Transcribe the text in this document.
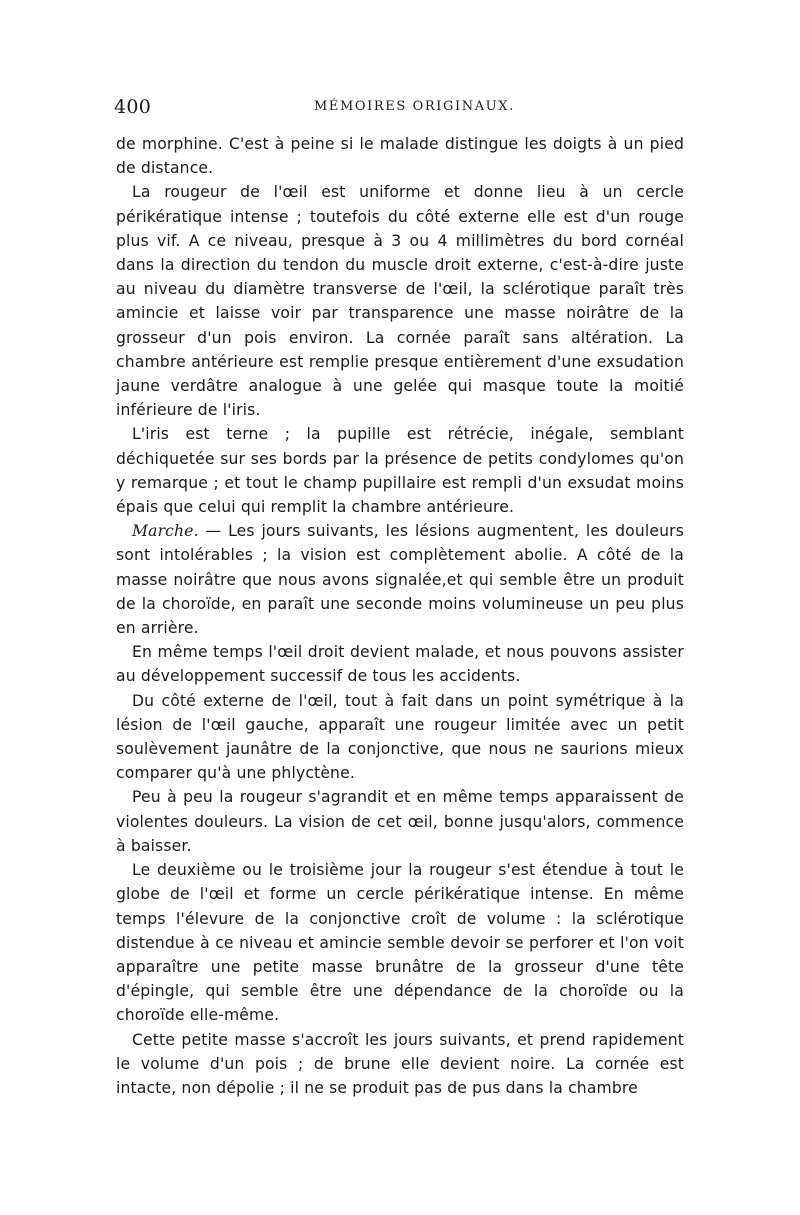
400	MÉMOIRES ORIGINAUX.

de morphine. C'est à peine si le malade distingue les doigts à un pied de distance.

La rougeur de l'œil est uniforme et donne lieu à un cercle périkératique intense ; toutefois du côté externe elle est d'un rouge plus vif. A ce niveau, presque à 3 ou 4 millimètres du bord cornéal dans la direction du tendon du muscle droit externe, c'est-à-dire juste au niveau du diamètre transverse de l'œil, la sclérotique paraît très amincie et laisse voir par transparence une masse noirâtre de la grosseur d'un pois environ. La cornée paraît sans altération. La chambre antérieure est remplie presque entièrement d'une exsudation jaune verdâtre analogue à une gelée qui masque toute la moitié inférieure de l'iris.

L'iris est terne ; la pupille est rétrécie, inégale, semblant déchiquetée sur ses bords par la présence de petits condylomes qu'on y remarque ; et tout le champ pupillaire est rempli d'un exsudat moins épais que celui qui remplit la chambre antérieure.

Marche. — Les jours suivants, les lésions augmentent, les douleurs sont intolérables ; la vision est complètement abolie. A côté de la masse noirâtre que nous avons signalée,et qui semble être un produit de la choroïde, en paraît une seconde moins volumineuse un peu plus en arrière.

En même temps l'œil droit devient malade, et nous pouvons assister au développement successif de tous les accidents.

Du côté externe de l'œil, tout à fait dans un point symétrique à la lésion de l'œil gauche, apparaît une rougeur limitée avec un petit soulèvement jaunâtre de la conjonctive, que nous ne saurions mieux comparer qu'à une phlyctène.

Peu à peu la rougeur s'agrandit et en même temps apparaissent de violentes douleurs. La vision de cet œil, bonne jusqu'alors, commence à baisser.

Le deuxième ou le troisième jour la rougeur s'est étendue à tout le globe de l'œil et forme un cercle périkératique intense. En même temps l'élevure de la conjonctive croît de volume : la sclérotique distendue à ce niveau et amincie semble devoir se perforer et l'on voit apparaître une petite masse brunâtre de la grosseur d'une tête d'épingle, qui semble être une dépendance de la choroïde ou la choroïde elle-même.

Cette petite masse s'accroît les jours suivants, et prend rapidement le volume d'un pois ; de brune elle devient noire. La cornée est intacte, non dépolie ; il ne se produit pas de pus dans la chambre
